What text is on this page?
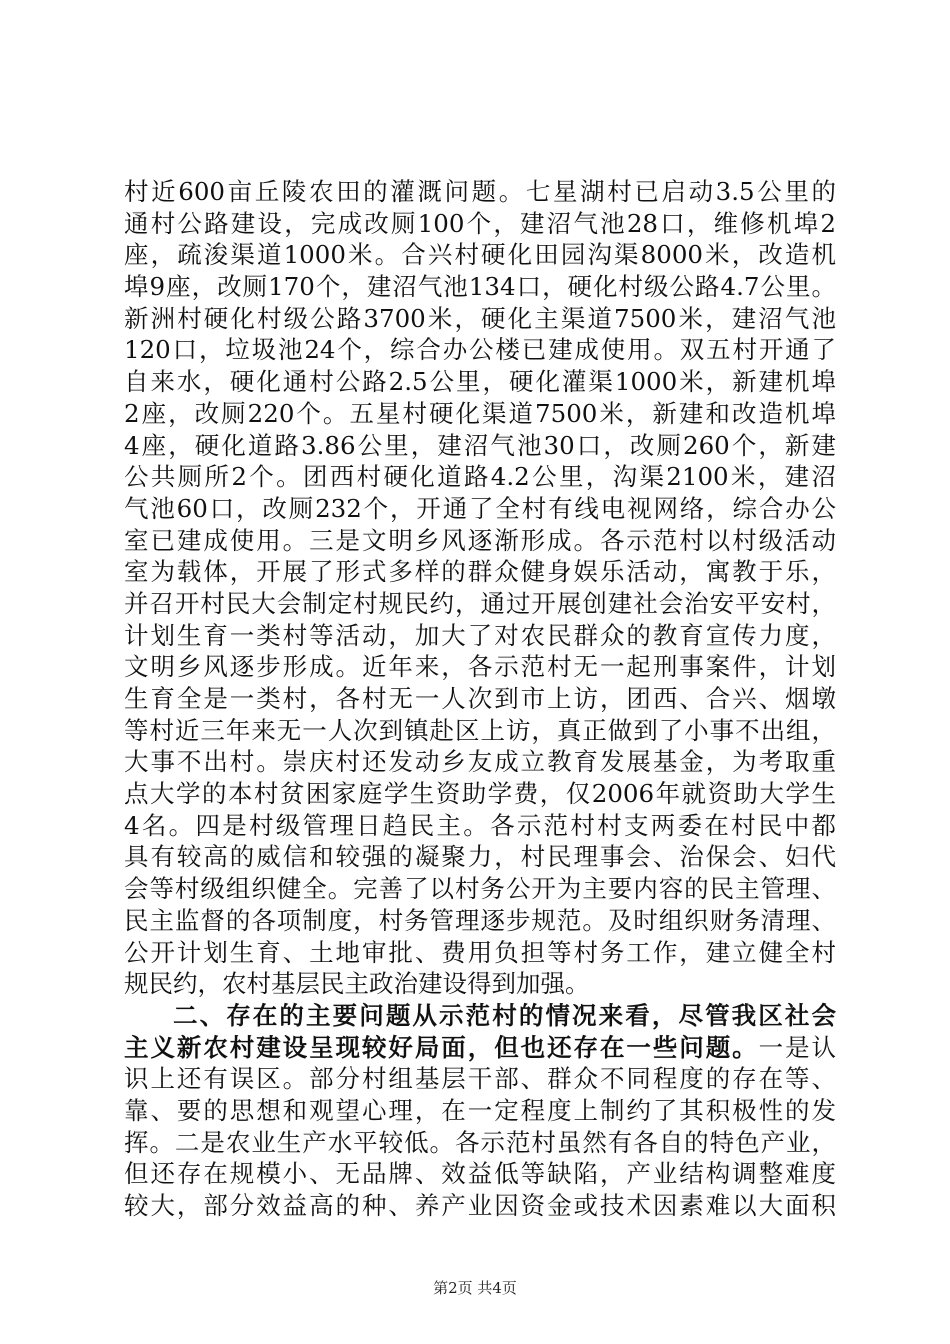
村近600亩丘陵农田的灌溉问题。七星湖村已启动3.5公里的
通村公路建设，完成改厕100个，建沼气池28口，维修机埠2
座，疏浚渠道1000米。合兴村硬化田园沟渠8000米，改造机
埠9座，改厕170个，建沼气池134口，硬化村级公路4.7公里。
新洲村硬化村级公路3700米，硬化主渠道7500米，建沼气池
120口，垃圾池24个，综合办公楼已建成使用。双五村开通了
自来水，硬化通村公路2.5公里，硬化灌渠1000米，新建机埠
2座，改厕220个。五星村硬化渠道7500米，新建和改造机埠
4座，硬化道路3.86公里，建沼气池30口，改厕260个，新建
公共厕所2个。团西村硬化道路4.2公里，沟渠2100米，建沼
气池60口，改厕232个，开通了全村有线电视网络，综合办公
室已建成使用。三是文明乡风逐渐形成。各示范村以村级活动
室为载体，开展了形式多样的群众健身娱乐活动，寓教于乐，
并召开村民大会制定村规民约，通过开展创建社会治安平安村，
计划生育一类村等活动，加大了对农民群众的教育宣传力度，
文明乡风逐步形成。近年来，各示范村无一起刑事案件，计划
生育全是一类村，各村无一人次到市上访，团西、合兴、烟墩
等村近三年来无一人次到镇赴区上访，真正做到了小事不出组，
大事不出村。崇庆村还发动乡友成立教育发展基金，为考取重
点大学的本村贫困家庭学生资助学费，仅2006年就资助大学生
4名。四是村级管理日趋民主。各示范村村支两委在村民中都
具有较高的威信和较强的凝聚力，村民理事会、治保会、妇代
会等村级组织健全。完善了以村务公开为主要内容的民主管理、
民主监督的各项制度，村务管理逐步规范。及时组织财务清理、
公开计划生育、土地审批、费用负担等村务工作，建立健全村
规民约，农村基层民主政治建设得到加强。
二、存在的主要问题从示范村的情况来看，尽管我区社会
主义新农村建设呈现较好局面，但也还存在一些问题。一是认
识上还有误区。部分村组基层干部、群众不同程度的存在等、
靠、要的思想和观望心理，在一定程度上制约了其积极性的发
挥。二是农业生产水平较低。各示范村虽然有各自的特色产业，
但还存在规模小、无品牌、效益低等缺陷，产业结构调整难度
较大，部分效益高的种、养产业因资金或技术因素难以大面积
第2页 共4页
